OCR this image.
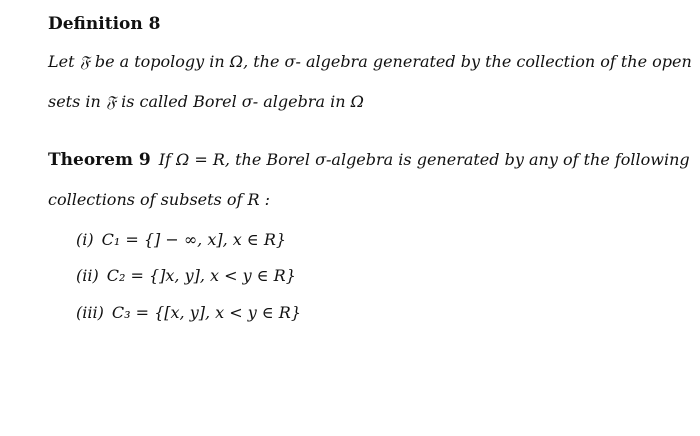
Definition 8
Let 𝔉 be a topology in Ω, the σ- algebra generated by the collection of the open
sets in 𝔉 is called Borel σ- algebra in Ω
Theorem 9 If Ω = R, the Borel σ-algebra is generated by any of the following
collections of subsets of R :
(i) C₁ = {] − ∞, x], x ∈ R}
(ii) C₂ = {]x, y], x < y ∈ R}
(iii) C₃ = {[x, y], x < y ∈ R}
